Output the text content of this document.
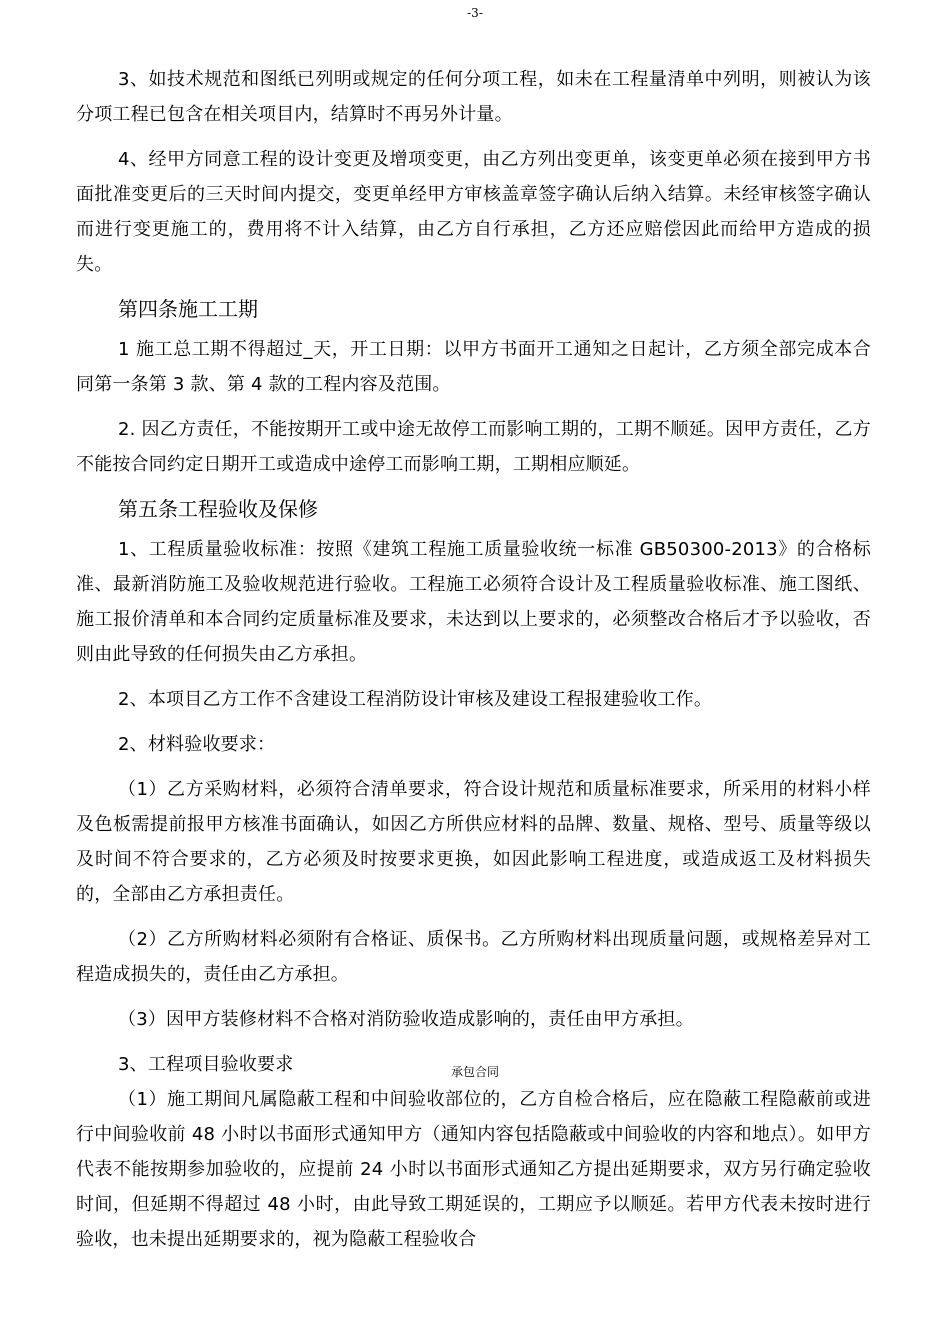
-3-

3、如技术规范和图纸已列明或规定的任何分项工程，如未在工程量清单中列明，则被认为该分项工程已包含在相关项目内，结算时不再另外计量。

4、经甲方同意工程的设计变更及增项变更，由乙方列出变更单，该变更单必须在接到甲方书面批准变更后的三天时间内提交，变更单经甲方审核盖章签字确认后纳入结算。未经审核签字确认而进行变更施工的，费用将不计入结算，由乙方自行承担，乙方还应赔偿因此而给甲方造成的损失。

第四条施工工期

1 施工总工期不得超过_天，开工日期：以甲方书面开工通知之日起计，乙方须全部完成本合同第一条第 3 款、第 4 款的工程内容及范围。

2. 因乙方责任，不能按期开工或中途无故停工而影响工期的，工期不顺延。因甲方责任，乙方不能按合同约定日期开工或造成中途停工而影响工期，工期相应顺延。

第五条工程验收及保修

1、工程质量验收标准：按照《建筑工程施工质量验收统一标准 GB50300-2013》的合格标准、最新消防施工及验收规范进行验收。工程施工必须符合设计及工程质量验收标准、施工图纸、施工报价清单和本合同约定质量标准及要求，未达到以上要求的，必须整改合格后才予以验收，否则由此导致的任何损失由乙方承担。

2、本项目乙方工作不含建设工程消防设计审核及建设工程报建验收工作。

2、材料验收要求：

（1）乙方采购材料，必须符合清单要求，符合设计规范和质量标准要求，所采用的材料小样及色板需提前报甲方核准书面确认，如因乙方所供应材料的品牌、数量、规格、型号、质量等级以及时间不符合要求的，乙方必须及时按要求更换，如因此影响工程进度，或造成返工及材料损失的，全部由乙方承担责任。

（2）乙方所购材料必须附有合格证、质保书。乙方所购材料出现质量问题，或规格差异对工程造成损失的，责任由乙方承担。

（3）因甲方装修材料不合格对消防验收造成影响的，责任由甲方承担。

3、工程项目验收要求	承包合同

（1）施工期间凡属隐蔽工程和中间验收部位的，乙方自检合格后，应在隐蔽工程隐蔽前或进行中间验收前 48 小时以书面形式通知甲方（通知内容包括隐蔽或中间验收的内容和地点）。如甲方代表不能按期参加验收的，应提前 24 小时以书面形式通知乙方提出延期要求，双方另行确定验收时间，但延期不得超过 48 小时，由此导致工期延误的，工期应予以顺延。若甲方代表未按时进行验收，也未提出延期要求的，视为隐蔽工程验收合
